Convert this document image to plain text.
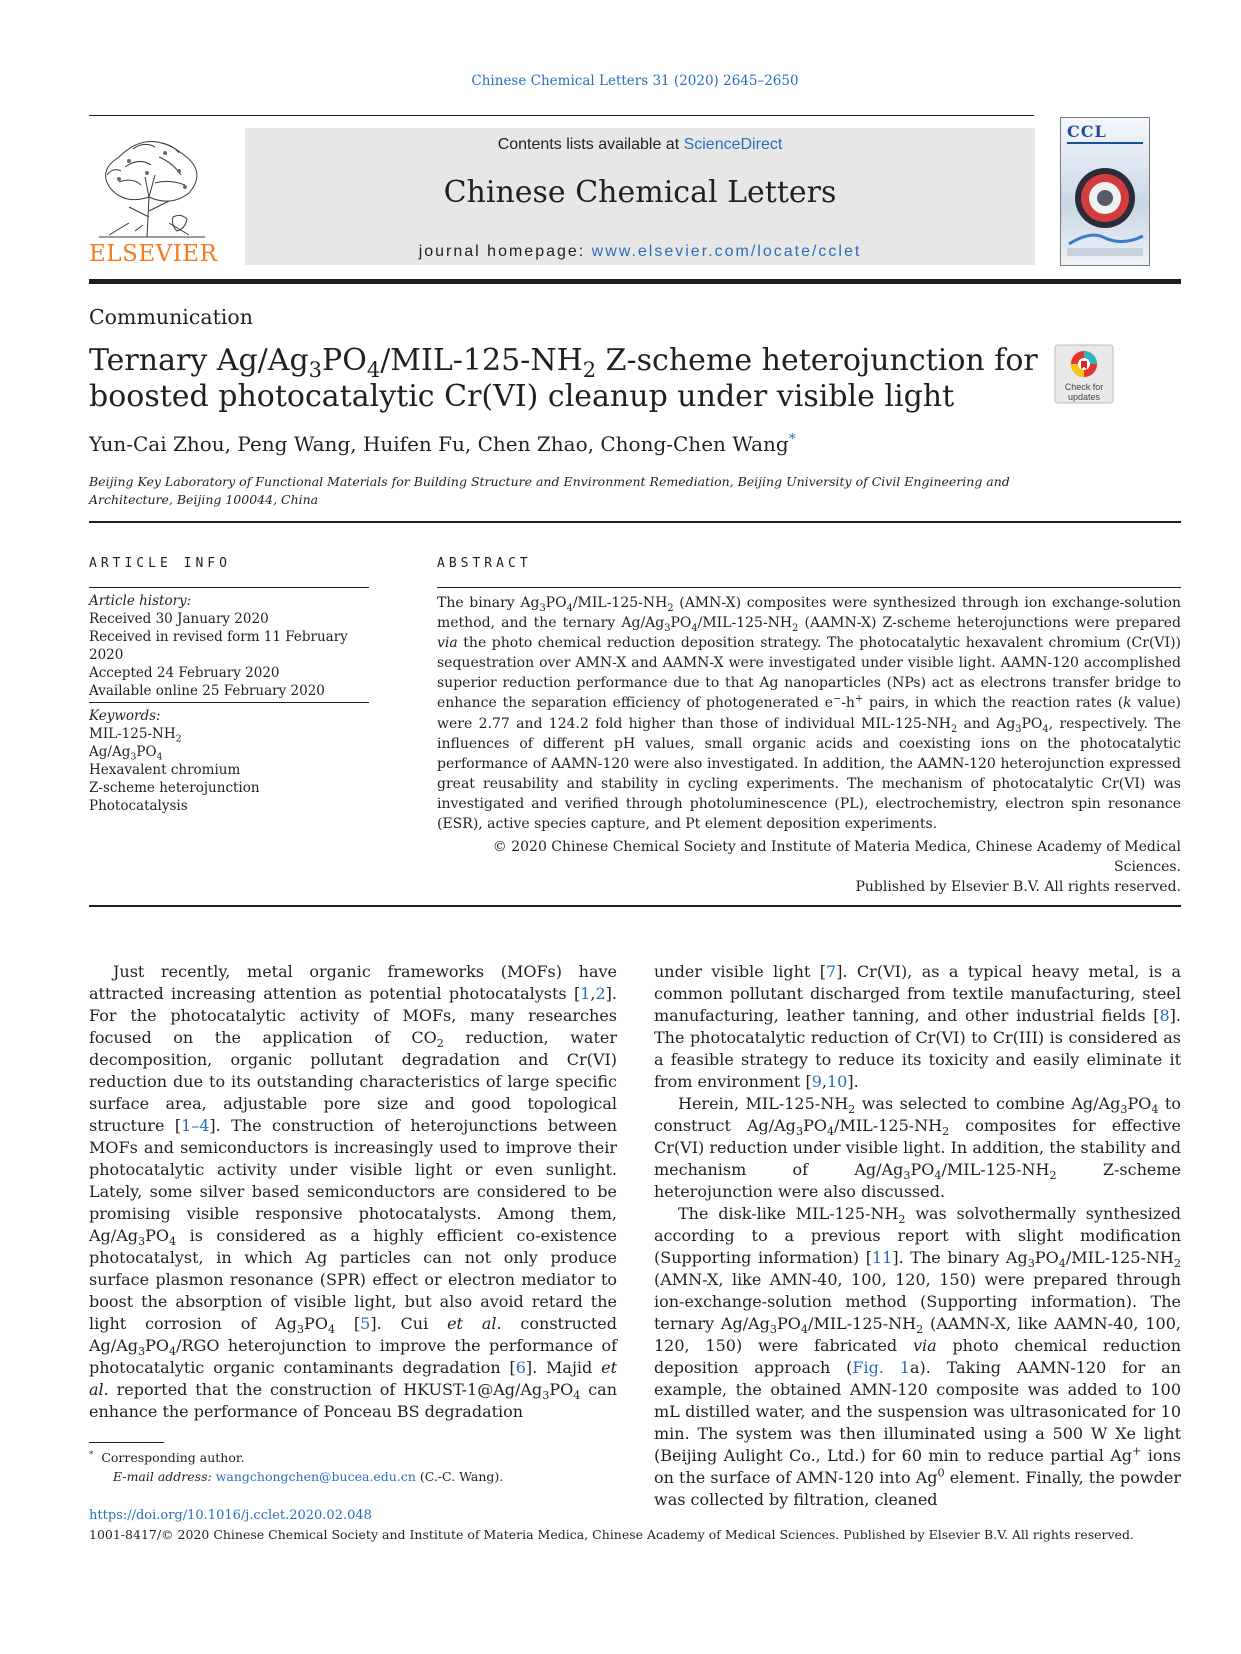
Chinese Chemical Letters 31 (2020) 2645–2650
ELSEVIER
Contents lists available at ScienceDirect
Chinese Chemical Letters
journal homepage: www.elsevier.com/locate/cclet
CCL
Communication
Ternary $Ag/Ag_3PO_4/MIL-125-NH_2$ Z-scheme heterojunction for boosted photocatalytic Cr(VI) cleanup under visible light	Check for updates
Yun-Cai Zhou, Peng Wang, Huifen Fu, Chen Zhao, Chong-Chen Wang*
Beijing Key Laboratory of Functional Materials for Building Structure and Environment Remediation, Beijing University of Civil Engineering and Architecture, Beijing 100044, China
ARTICLE INFO
Article history:
Received 30 January 2020
Received in revised form 11 February 2020
Accepted 24 February 2020
Available online 25 February 2020
Keywords:
MIL-$125-NH_2$
$Ag/Ag_3PO_4$
Hexavalent chromium
Z-scheme heterojunction
Photocatalysis
ABSTRACT
The binary $Ag_3PO_4/MIL-125-NH_2$ (AMN-X) composites were synthesized through ion exchange-solution method, and the ternary $Ag/Ag_3PO_4/MIL-125-NH_2$ (AAMN-X) Z-scheme heterojunctions were prepared via the photo chemical reduction deposition strategy. The photocatalytic hexavalent chromium (Cr(VI)) sequestration over AMN-X and AAMN-X were investigated under visible light. AAMN-120 accomplished superior reduction performance due to that Ag nanoparticles (NPs) act as electrons transfer bridge to enhance the separation efficiency of photogenerated e−-h+ pairs, in which the reaction rates (k value) were 2.77 and 124.2 fold higher than those of individual MIL-$125-NH_2$ and $Ag_3PO_4$, respectively. The influences of different pH values, small organic acids and coexisting ions on the photocatalytic performance of AAMN-120 were also investigated. In addition, the AAMN-120 heterojunction expressed great reusability and stability in cycling experiments. The mechanism of photocatalytic Cr(VI) was investigated and verified through photoluminescence (PL), electrochemistry, electron spin resonance (ESR), active species capture, and Pt element deposition experiments.
© 2020 Chinese Chemical Society and Institute of Materia Medica, Chinese Academy of Medical Sciences.
Published by Elsevier B.V. All rights reserved.

Just recently, metal organic frameworks (MOFs) have attracted increasing attention as potential photocatalysts [1,2]. For the photocatalytic activity of MOFs, many researches focused on the application of $CO_2$ reduction, water decomposition, organic pollutant degradation and Cr(VI) reduction due to its outstanding characteristics of large specific surface area, adjustable pore size and good topological structure [1–4]. The construction of heterojunctions between MOFs and semiconductors is increasingly used to improve their photocatalytic activity under visible light or even sunlight. Lately, some silver based semiconductors are considered to be promising visible responsive photocatalysts. Among them, $Ag/Ag_3PO_4$ is considered as a highly efficient co-existence photocatalyst, in which Ag particles can not only produce surface plasmon resonance (SPR) effect or electron mediator to boost the absorption of visible light, but also avoid retard the light corrosion of $Ag_3PO_4$ [5]. Cui et al. constructed $Ag/Ag_3PO_4$/RGO heterojunction to improve the performance of photocatalytic organic contaminants degradation [6]. Majid et al. reported that the construction of HKUST-$1@Ag/Ag_3PO_4$ can enhance the performance of Ponceau BS degradation

under visible light [7]. Cr(VI), as a typical heavy metal, is a common pollutant discharged from textile manufacturing, steel manufacturing, leather tanning, and other industrial fields [8]. The photocatalytic reduction of Cr(VI) to Cr(III) is considered as a feasible strategy to reduce its toxicity and easily eliminate it from environment [9,10].

Herein, MIL-$125-NH_2$ was selected to combine $Ag/Ag_3PO_4$ to construct $Ag/Ag_3PO_4/MIL-125-NH_2$ composites for effective Cr(VI) reduction under visible light. In addition, the stability and mechanism of $Ag/Ag_3PO_4/MIL-125-NH_2$ Z-scheme heterojunction were also discussed.

The disk-like MIL-$125-NH_2$ was solvothermally synthesized according to a previous report with slight modification (Supporting information) [11]. The binary $Ag_3PO_4/MIL-125-NH_2$ (AMN-X, like AMN-40, 100, 120, 150) were prepared through ion-exchange-solution method (Supporting information). The ternary $Ag/Ag_3PO_4/MIL-125-NH_2$ (AAMN-X, like AAMN-40, 100, 120, 150) were fabricated via photo chemical reduction deposition approach (Fig. 1a). Taking AAMN-120 for an example, the obtained AMN-120 composite was added to 100 mL distilled water, and the suspension was ultrasonicated for 10 min. The system was then illuminated using a 500 W Xe light (Beijing Aulight Co., Ltd.) for 60 min to reduce partial Ag+ ions on the surface of AMN-120 into Ag$^0$ element. Finally, the powder was collected by filtration, cleaned

* Corresponding author.
E-mail address: wangchongchen@bucea.edu.cn (C.-C. Wang).
https://doi.org/10.1016/j.cclet.2020.02.048
1001-8417/© 2020 Chinese Chemical Society and Institute of Materia Medica, Chinese Academy of Medical Sciences. Published by Elsevier B.V. All rights reserved.
